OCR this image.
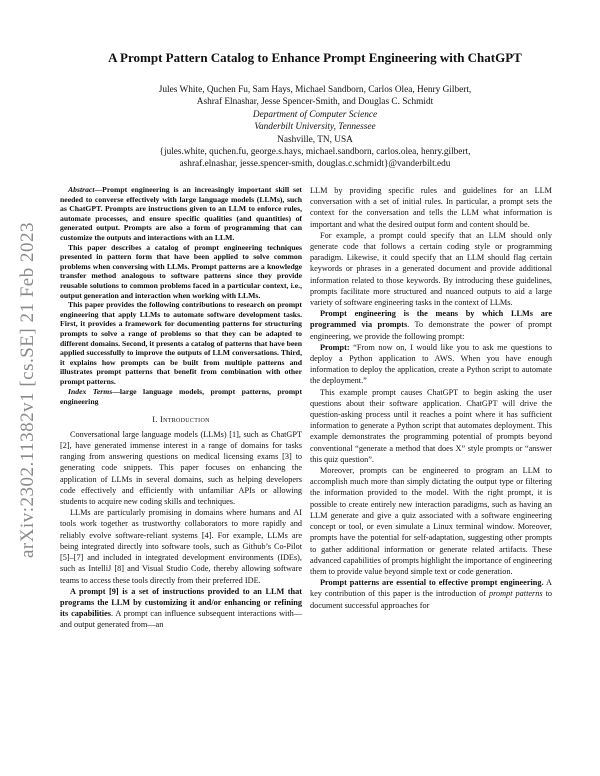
arXiv:2302.11382v1 [cs.SE] 21 Feb 2023
A Prompt Pattern Catalog to Enhance Prompt Engineering with ChatGPT
Jules White, Quchen Fu, Sam Hays, Michael Sandborn, Carlos Olea, Henry Gilbert,
Ashraf Elnashar, Jesse Spencer-Smith, and Douglas C. Schmidt
Department of Computer Science
Vanderbilt University, Tennessee
Nashville, TN, USA
{jules.white, quchen.fu, george.s.hays, michael.sandborn, carlos.olea, henry.gilbert,
ashraf.elnashar, jesse.spencer-smith, douglas.c.schmidt}@vanderbilt.edu

Abstract—Prompt engineering is an increasingly important skill set needed to converse effectively with large language models (LLMs), such as ChatGPT. Prompts are instructions given to an LLM to enforce rules, automate processes, and ensure specific qualities (and quantities) of generated output. Prompts are also a form of programming that can customize the outputs and interactions with an LLM.

This paper describes a catalog of prompt engineering techniques presented in pattern form that have been applied to solve common problems when conversing with LLMs. Prompt patterns are a knowledge transfer method analogous to software patterns since they provide reusable solutions to common problems faced in a particular context, i.e., output generation and interaction when working with LLMs.

This paper provides the following contributions to research on prompt engineering that apply LLMs to automate software development tasks. First, it provides a framework for documenting patterns for structuring prompts to solve a range of problems so that they can be adapted to different domains. Second, it presents a catalog of patterns that have been applied successfully to improve the outputs of LLM conversations. Third, it explains how prompts can be built from multiple patterns and illustrates prompt patterns that benefit from combination with other prompt patterns.

Index Terms—large language models, prompt patterns, prompt engineering
I. Introduction

Conversational large language models (LLMs) [1], such as ChatGPT [2], have generated immense interest in a range of domains for tasks ranging from answering questions on medical licensing exams [3] to generating code snippets. This paper focuses on enhancing the application of LLMs in several domains, such as helping developers code effectively and efficiently with unfamiliar APIs or allowing students to acquire new coding skills and techniques.

LLMs are particularly promising in domains where humans and AI tools work together as trustworthy collaborators to more rapidly and reliably evolve software-reliant systems [4]. For example, LLMs are being integrated directly into software tools, such as Github’s Co-Pilot [5]–[7] and included in integrated development environments (IDEs), such as IntelliJ [8] and Visual Studio Code, thereby allowing software teams to access these tools directly from their preferred IDE.

A prompt [9] is a set of instructions provided to an LLM that programs the LLM by customizing it and/or enhancing or refining its capabilities. A prompt can influence subsequent interactions with—and output generated from—an

LLM by providing specific rules and guidelines for an LLM conversation with a set of initial rules. In particular, a prompt sets the context for the conversation and tells the LLM what information is important and what the desired output form and content should be.

For example, a prompt could specify that an LLM should only generate code that follows a certain coding style or programming paradigm. Likewise, it could specify that an LLM should flag certain keywords or phrases in a generated document and provide additional information related to those keywords. By introducing these guidelines, prompts facilitate more structured and nuanced outputs to aid a large variety of software engineering tasks in the context of LLMs.

Prompt engineering is the means by which LLMs are programmed via prompts. To demonstrate the power of prompt engineering, we provide the following prompt:

Prompt: “From now on, I would like you to ask me questions to deploy a Python application to AWS. When you have enough information to deploy the application, create a Python script to automate the deployment.”

This example prompt causes ChatGPT to begin asking the user questions about their software application. ChatGPT will drive the question-asking process until it reaches a point where it has sufficient information to generate a Python script that automates deployment. This example demonstrates the programming potential of prompts beyond conventional “generate a method that does X” style prompts or “answer this quiz question”.

Moreover, prompts can be engineered to program an LLM to accomplish much more than simply dictating the output type or filtering the information provided to the model. With the right prompt, it is possible to create entirely new interaction paradigms, such as having an LLM generate and give a quiz associated with a software engineering concept or tool, or even simulate a Linux terminal window. Moreover, prompts have the potential for self-adaptation, suggesting other prompts to gather additional information or generate related artifacts. These advanced capabilities of prompts highlight the importance of engineering them to provide value beyond simple text or code generation.

Prompt patterns are essential to effective prompt engineering. A key contribution of this paper is the introduction of prompt patterns to document successful approaches for
